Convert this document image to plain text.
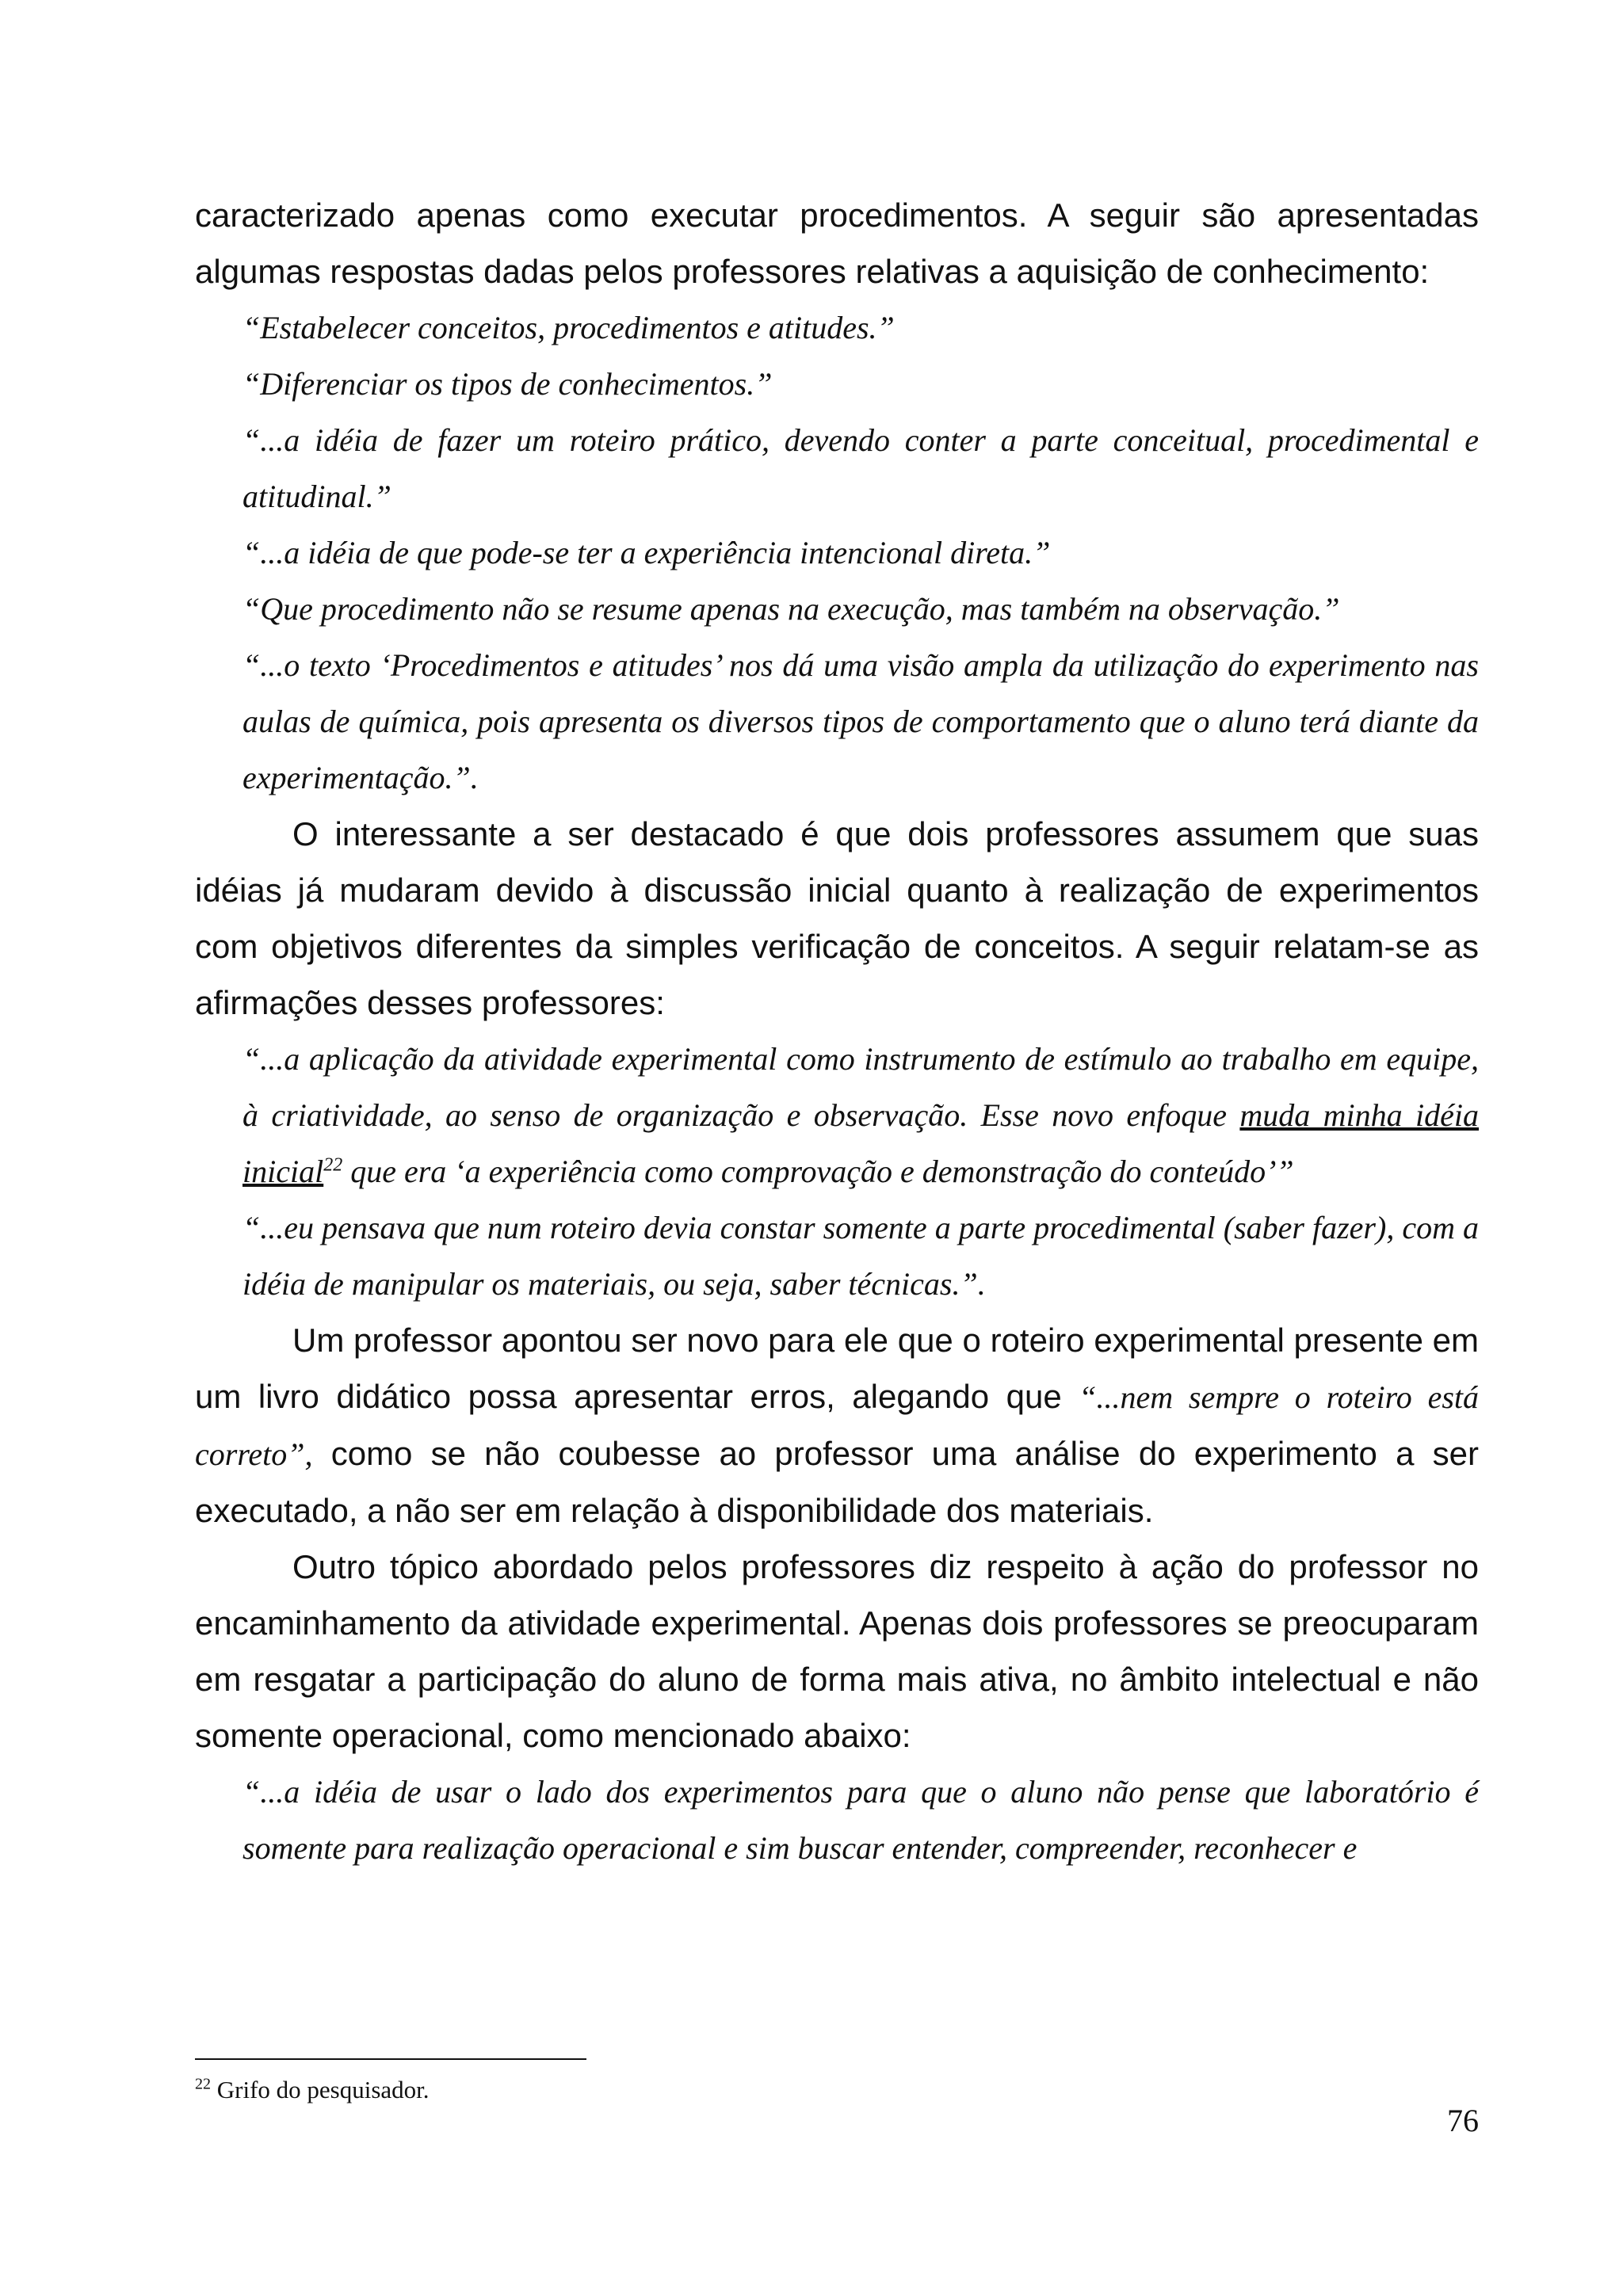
caracterizado apenas como executar procedimentos. A seguir são apresentadas algumas respostas dadas pelos professores relativas a aquisição de conhecimento:

“Estabelecer conceitos, procedimentos e atitudes.”

“Diferenciar os tipos de conhecimentos.”

“...a idéia de fazer um roteiro prático, devendo conter a parte conceitual, procedimental e atitudinal.”

“...a idéia de que pode-se ter a experiência intencional direta.”

“Que procedimento não se resume apenas na execução, mas também na observação.”

“...o texto ‘Procedimentos e atitudes’ nos dá uma visão ampla da utilização do experimento nas aulas de química, pois apresenta os diversos tipos de comportamento que o aluno terá diante da experimentação.”.

O interessante a ser destacado é que dois professores assumem que suas idéias já mudaram devido à discussão inicial quanto à realização de experimentos com objetivos diferentes da simples verificação de conceitos. A seguir relatam-se as afirmações desses professores:

“...a aplicação da atividade experimental como instrumento de estímulo ao trabalho em equipe, à criatividade, ao senso de organização e observação. Esse novo enfoque muda minha idéia inicial$^{22}$ que era ‘a experiência como comprovação e demonstração do conteúdo’”

“...eu pensava que num roteiro devia constar somente a parte procedimental (saber fazer), com a idéia de manipular os materiais, ou seja, saber técnicas.”.

Um professor apontou ser novo para ele que o roteiro experimental presente em um livro didático possa apresentar erros, alegando que “...nem sempre o roteiro está correto”, como se não coubesse ao professor uma análise do experimento a ser executado, a não ser em relação à disponibilidade dos materiais.

Outro tópico abordado pelos professores diz respeito à ação do professor no encaminhamento da atividade experimental. Apenas dois professores se preocuparam em resgatar a participação do aluno de forma mais ativa, no âmbito intelectual e não somente operacional, como mencionado abaixo:

“...a idéia de usar o lado dos experimentos para que o aluno não pense que laboratório é somente para realização operacional e sim buscar entender, compreender, reconhecer e

$^{22}$ Grifo do pesquisador.
76
